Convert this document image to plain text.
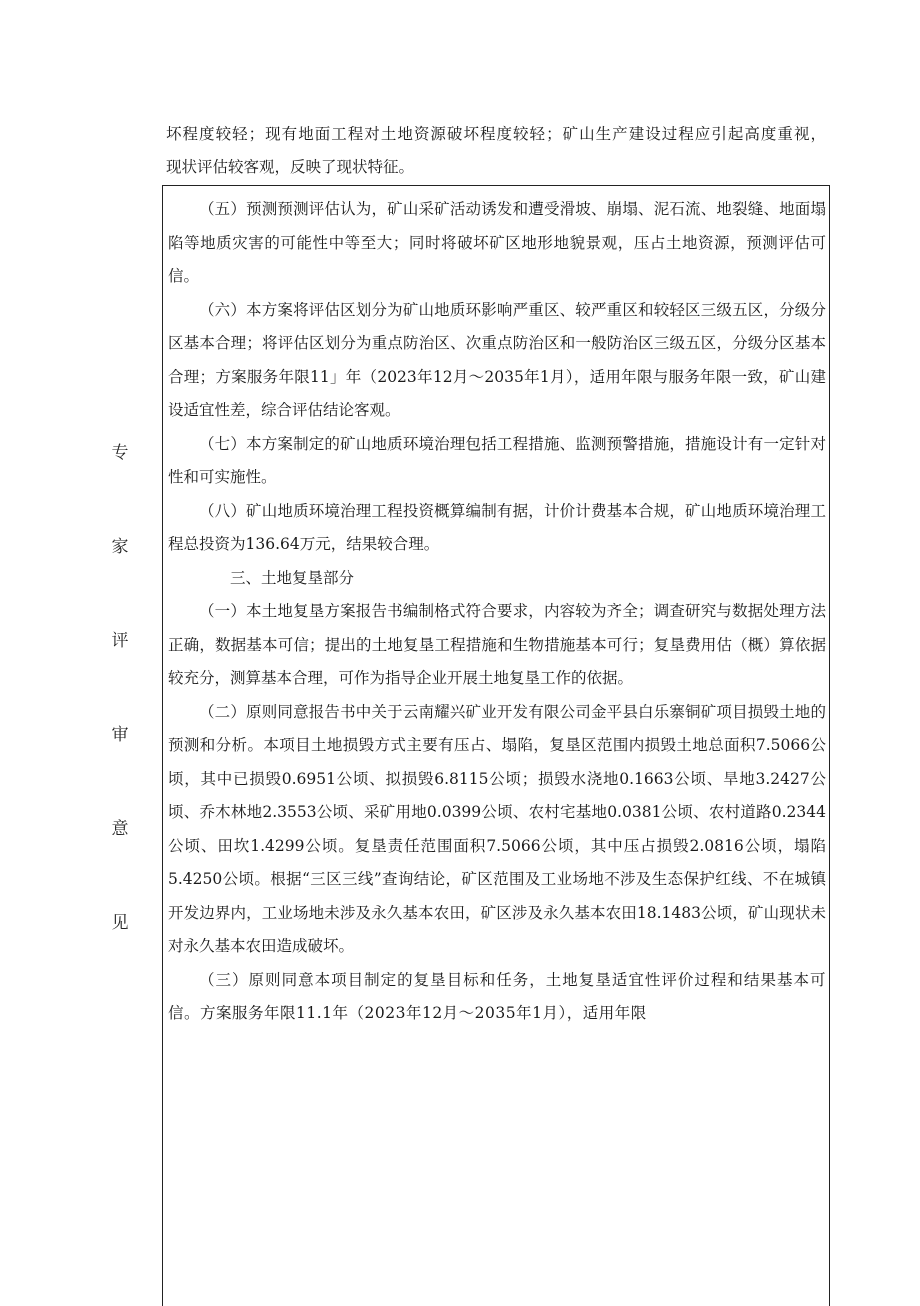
坏程度较轻；现有地面工程对土地资源破坏程度较轻；矿山生产建设过程应引起高度重视，

现状评估较客观，反映了现状特征。

专
家
评
审
意
见

（五）预测预测评估认为，矿山采矿活动诱发和遭受滑坡、崩塌、泥石流、地裂缝、地面塌陷等地质灾害的可能性中等至大；同时将破坏矿区地形地貌景观，压占土地资源，预测评估可信。

（六）本方案将评估区划分为矿山地质环影响严重区、较严重区和较轻区三级五区，分级分区基本合理；将评估区划分为重点防治区、次重点防治区和一般防治区三级五区，分级分区基本合理；方案服务年限11」年（2023年12月～2035年1月），适用年限与服务年限一致，矿山建设适宜性差，综合评估结论客观。

（七）本方案制定的矿山地质环境治理包括工程措施、监测预警措施，措施设计有一定针对性和可实施性。

（八）矿山地质环境治理工程投资概算编制有据，计价计费基本合规，矿山地质环境治理工程总投资为136.64万元，结果较合理。

三、土地复垦部分

（一）本土地复垦方案报告书编制格式符合要求，内容较为齐全；调查研究与数据处理方法正确，数据基本可信；提出的土地复垦工程措施和生物措施基本可行；复垦费用估（概）算依据较充分，测算基本合理，可作为指导企业开展土地复垦工作的依据。

（二）原则同意报告书中关于云南耀兴矿业开发有限公司金平县白乐寨铜矿项目损毁土地的预测和分析。本项目土地损毁方式主要有压占、塌陷，复垦区范围内损毁土地总面积7.5066公顷，其中已损毁0.6951公顷、拟损毁6.8115公顷；损毁水浇地0.1663公顷、旱地3.2427公顷、乔木林地2.3553公顷、采矿用地0.0399公顷、农村宅基地0.0381公顷、农村道路0.2344公顷、田坎1.4299公顷。复垦责任范围面积7.5066公顷，其中压占损毁2.0816公顷，塌陷5.4250公顷。根据“三区三线”查询结论，矿区范围及工业场地不涉及生态保护红线、不在城镇开发边界内，工业场地未涉及永久基本农田，矿区涉及永久基本农田18.1483公顷，矿山现状未对永久基本农田造成破坏。

（三）原则同意本项目制定的复垦目标和任务，土地复垦适宜性评价过程和结果基本可信。方案服务年限11.1年（2023年12月～2035年1月），适用年限
